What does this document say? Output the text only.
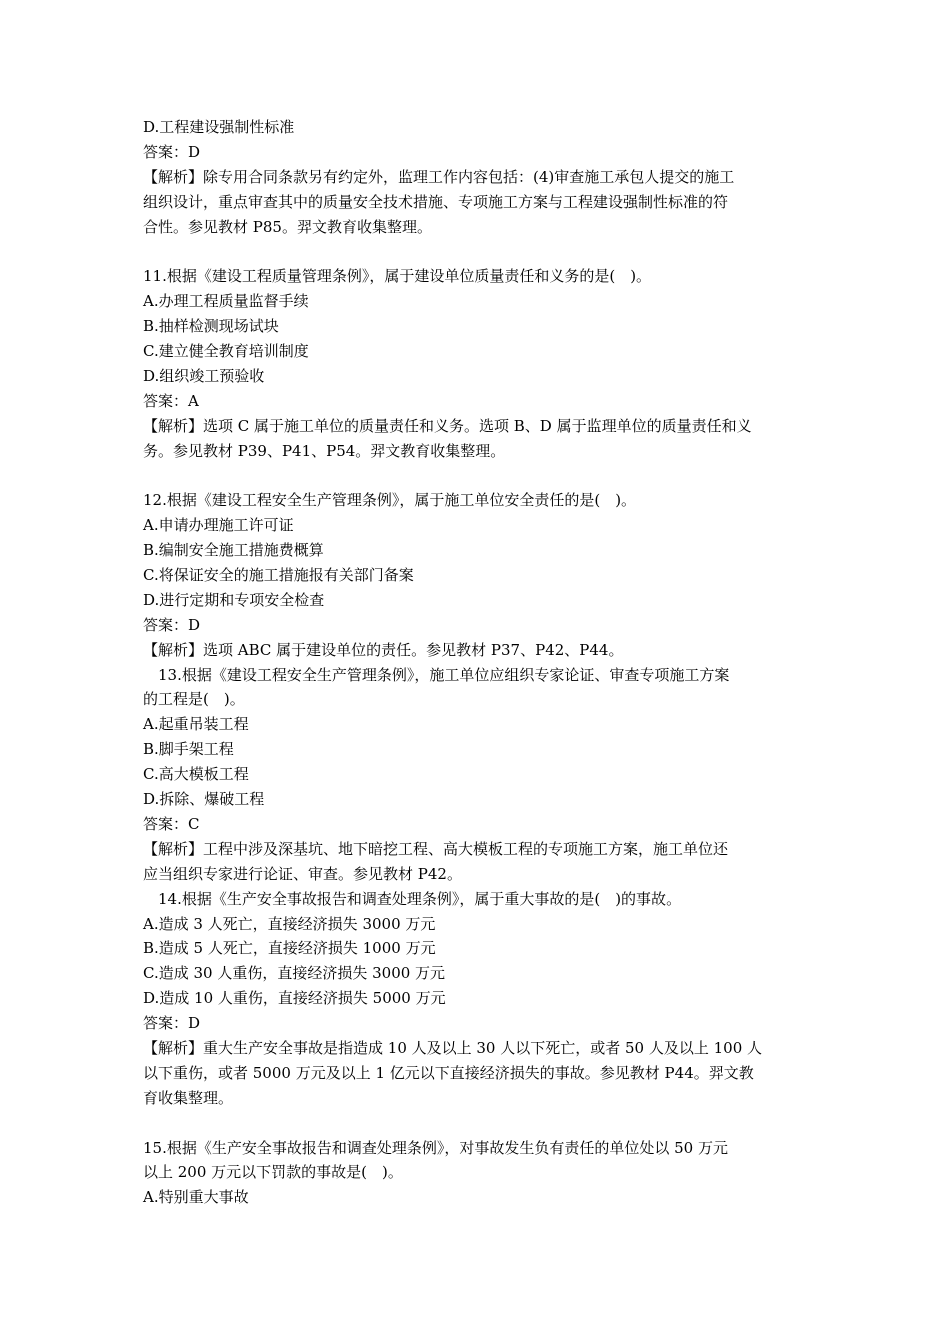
D.工程建设强制性标准
答案：D
【解析】除专用合同条款另有约定外，监理工作内容包括：(4)审查施工承包人提交的施工
组织设计，重点审查其中的质量安全技术措施、专项施工方案与工程建设强制性标准的符
合性。参见教材 P85。羿文教育收集整理。
11.根据《建设工程质量管理条例》，属于建设单位质量责任和义务的是(　)。
A.办理工程质量监督手续
B.抽样检测现场试块
C.建立健全教育培训制度
D.组织竣工预验收
答案：A
【解析】选项 C 属于施工单位的质量责任和义务。选项 B、D 属于监理单位的质量责任和义
务。参见教材 P39、P41、P54。羿文教育收集整理。
12.根据《建设工程安全生产管理条例》，属于施工单位安全责任的是(　)。
A.申请办理施工许可证
B.编制安全施工措施费概算
C.将保证安全的施工措施报有关部门备案
D.进行定期和专项安全检查
答案：D
【解析】选项 ABC 属于建设单位的责任。参见教材 P37、P42、P44。
13.根据《建设工程安全生产管理条例》，施工单位应组织专家论证、审查专项施工方案
的工程是(　)。
A.起重吊装工程
B.脚手架工程
C.高大模板工程
D.拆除、爆破工程
答案：C
【解析】工程中涉及深基坑、地下暗挖工程、高大模板工程的专项施工方案，施工单位还
应当组织专家进行论证、审查。参见教材 P42。
14.根据《生产安全事故报告和调查处理条例》，属于重大事故的是(　)的事故。
A.造成 3 人死亡，直接经济损失 3000 万元
B.造成 5 人死亡，直接经济损失 1000 万元
C.造成 30 人重伤，直接经济损失 3000 万元
D.造成 10 人重伤，直接经济损失 5000 万元
答案：D
【解析】重大生产安全事故是指造成 10 人及以上 30 人以下死亡，或者 50 人及以上 100 人
以下重伤，或者 5000 万元及以上 1 亿元以下直接经济损失的事故。参见教材 P44。羿文教
育收集整理。
15.根据《生产安全事故报告和调查处理条例》，对事故发生负有责任的单位处以 50 万元
以上 200 万元以下罚款的事故是(　)。
A.特别重大事故
